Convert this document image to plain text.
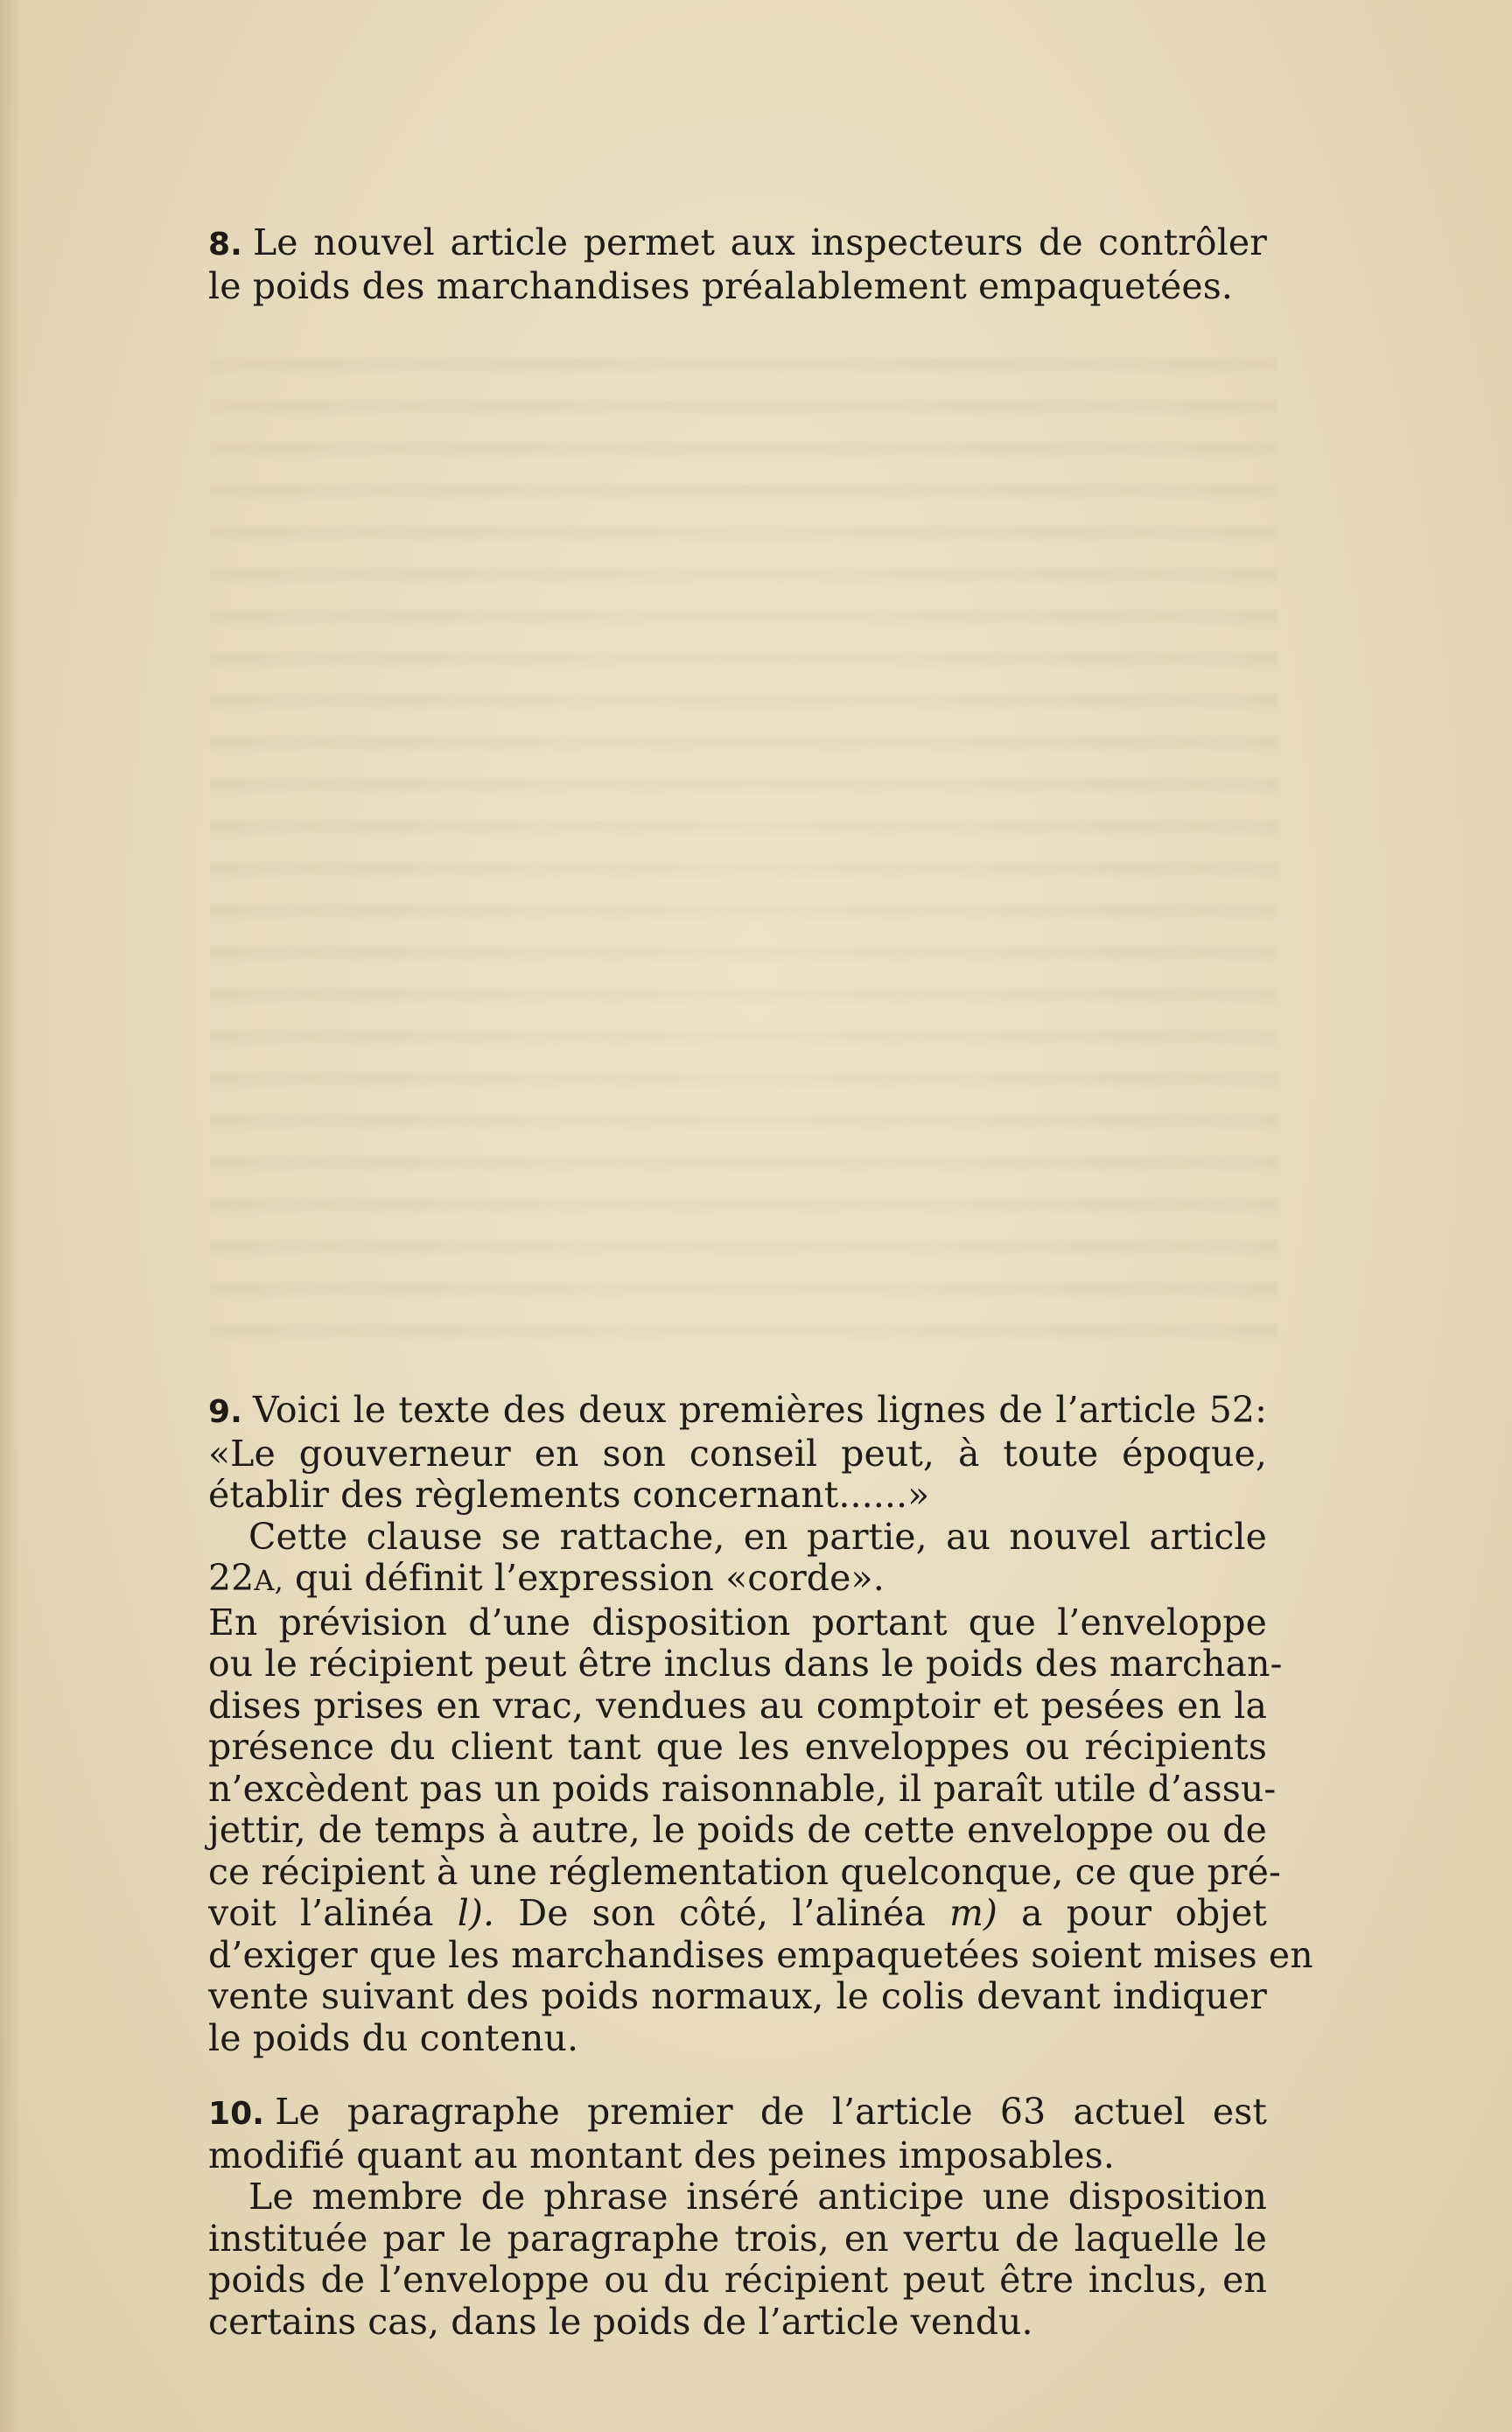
8. Le nouvel article permet aux inspecteurs de contrôler
le poids des marchandises préalablement empaquetées.
9. Voici le texte des deux premières lignes de l’article 52:
«Le gouverneur en son conseil peut, à toute époque,
établir des règlements concernant......»
Cette clause se rattache, en partie, au nouvel article
22A, qui définit l’expression «corde».
En prévision d’une disposition portant que l’enveloppe
ou le récipient peut être inclus dans le poids des marchan-
dises prises en vrac, vendues au comptoir et pesées en la
présence du client tant que les enveloppes ou récipients
n’excèdent pas un poids raisonnable, il paraît utile d’assu-
jettir, de temps à autre, le poids de cette enveloppe ou de
ce récipient à une réglementation quelconque, ce que pré-
voit l’alinéa l). De son côté, l’alinéa m) a pour objet
d’exiger que les marchandises empaquetées soient mises en
vente suivant des poids normaux, le colis devant indiquer
le poids du contenu.
10. Le paragraphe premier de l’article 63 actuel est
modifié quant au montant des peines imposables.
Le membre de phrase inséré anticipe une disposition
instituée par le paragraphe trois, en vertu de laquelle le
poids de l’enveloppe ou du récipient peut être inclus, en
certains cas, dans le poids de l’article vendu.
